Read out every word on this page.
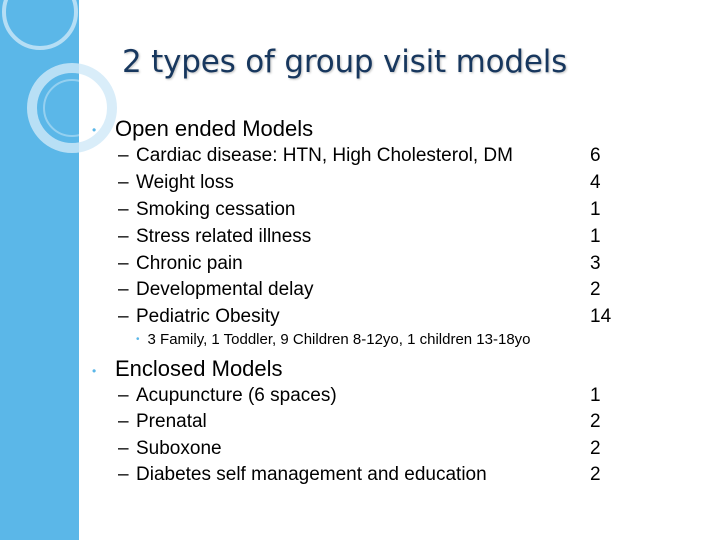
2 types of group visit models
• Open ended Models
– Cardiac disease: HTN, High Cholesterol, DM	6
– Weight loss	4
– Smoking cessation	1
– Stress related illness	1
– Chronic pain	3
– Developmental delay	2
– Pediatric Obesity	14
• 3 Family, 1 Toddler, 9 Children 8-12yo, 1 children 13-18yo
• Enclosed Models
– Acupuncture (6 spaces)	1
– Prenatal	2
– Suboxone	2
– Diabetes self management and education	2
